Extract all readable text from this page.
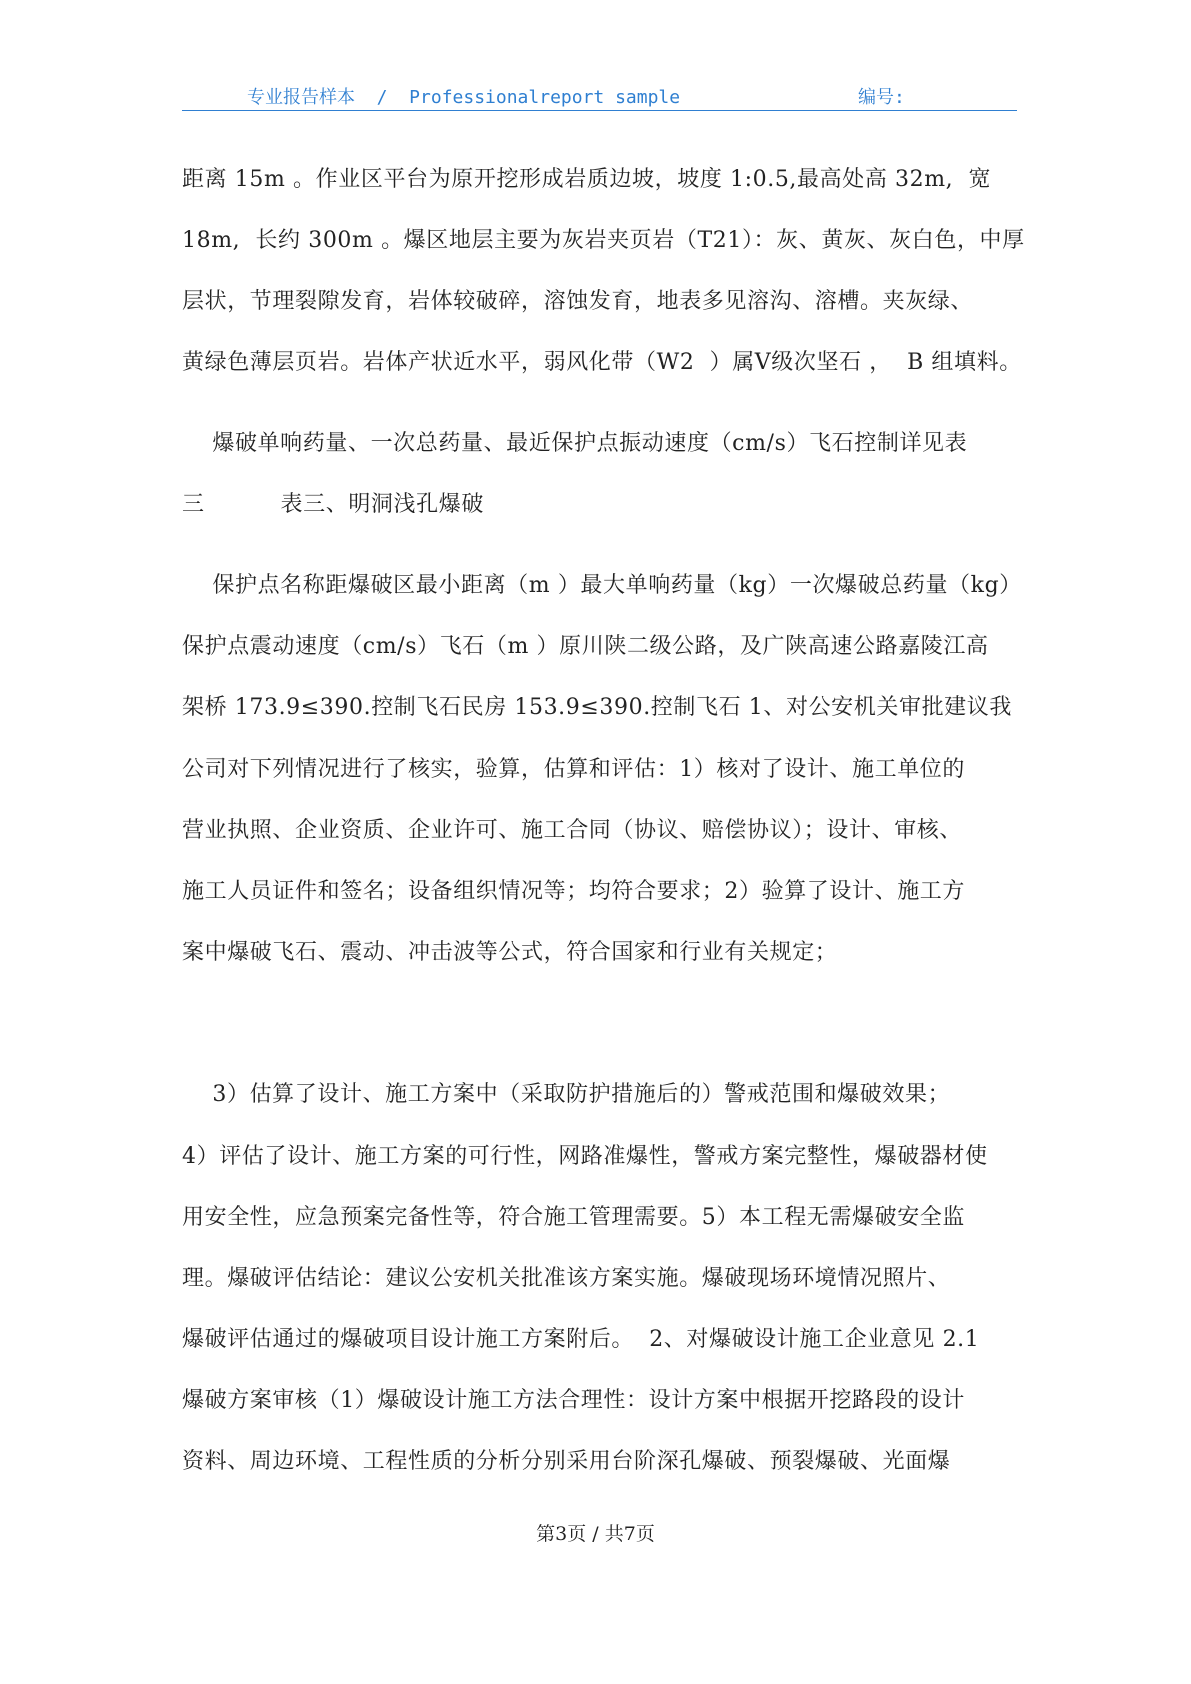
专业报告样本  /  Professionalreport sample	编号:
距离 15m 。作业区平台为原开挖形成岩质边坡，坡度 1:0.5,最高处高 32m,  宽
18m,  长约 300m 。爆区地层主要为灰岩夹页岩（T21）：灰、黄灰、灰白色，中厚
层状，节理裂隙发育，岩体较破碎，溶蚀发育，地表多见溶沟、溶槽。夹灰绿、
黄绿色薄层页岩。岩体产状近水平，弱风化带（W2  ）属Ⅴ级次坚石 ，  B 组填料。
爆破单响药量、一次总药量、最近保护点振动速度（cm/s）飞石控制详见表
三          表三、明洞浅孔爆破
保护点名称距爆破区最小距离（m ）最大单响药量（kg）一次爆破总药量（kg）
保护点震动速度（cm/s）飞石（m ）原川陕二级公路，及广陕高速公路嘉陵江高
架桥 173.9≤390.控制飞石民房 153.9≤390.控制飞石 1、对公安机关审批建议我
公司对下列情况进行了核实，验算，估算和评估：1）核对了设计、施工单位的
营业执照、企业资质、企业许可、施工合同（协议、赔偿协议）；设计、审核、
施工人员证件和签名；设备组织情况等；均符合要求；2）验算了设计、施工方
案中爆破飞石、震动、冲击波等公式，符合国家和行业有关规定；
3）估算了设计、施工方案中（采取防护措施后的）警戒范围和爆破效果；
4）评估了设计、施工方案的可行性，网路准爆性，警戒方案完整性，爆破器材使
用安全性，应急预案完备性等，符合施工管理需要。5）本工程无需爆破安全监
理。爆破评估结论：建议公安机关批准该方案实施。爆破现场环境情况照片、
爆破评估通过的爆破项目设计施工方案附后。  2、对爆破设计施工企业意见 2.1
爆破方案审核（1）爆破设计施工方法合理性：设计方案中根据开挖路段的设计
资料、周边环境、工程性质的分析分别采用台阶深孔爆破、预裂爆破、光面爆
第3页 / 共7页
